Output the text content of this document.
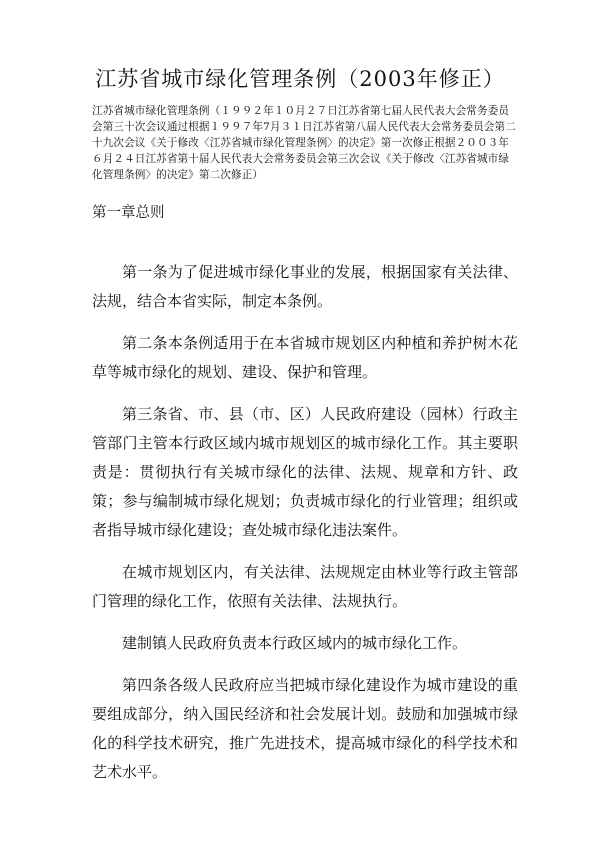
江苏省城市绿化管理条例（2003年修正）
江苏省城市绿化管理条例（１９９２年１０月２７日江苏省第七届人民代表大会常务委员会第三十次会议通过根据１９９７年7月３１日江苏省第八届人民代表大会常务委员会第二十九次会议《关于修改〈江苏省城市绿化管理条例〉的决定》第一次修正根据２００３年６月２４日江苏省第十届人民代表大会常务委员会第三次会议《关于修改〈江苏省城市绿化管理条例〉的决定》第二次修正）
第一章总则

第一条为了促进城市绿化事业的发展，根据国家有关法律、法规，结合本省实际，制定本条例。

第二条本条例适用于在本省城市规划区内种植和养护树木花草等城市绿化的规划、建设、保护和管理。

第三条省、市、县（市、区）人民政府建设（园林）行政主管部门主管本行政区域内城市规划区的城市绿化工作。其主要职责是：贯彻执行有关城市绿化的法律、法规、规章和方针、政策；参与编制城市绿化规划；负责城市绿化的行业管理；组织或者指导城市绿化建设；查处城市绿化违法案件。

在城市规划区内，有关法律、法规规定由林业等行政主管部门管理的绿化工作，依照有关法律、法规执行。

建制镇人民政府负责本行政区域内的城市绿化工作。

第四条各级人民政府应当把城市绿化建设作为城市建设的重要组成部分，纳入国民经济和社会发展计划。鼓励和加强城市绿化的科学技术研究，推广先进技术，提高城市绿化的科学技术和艺术水平。
